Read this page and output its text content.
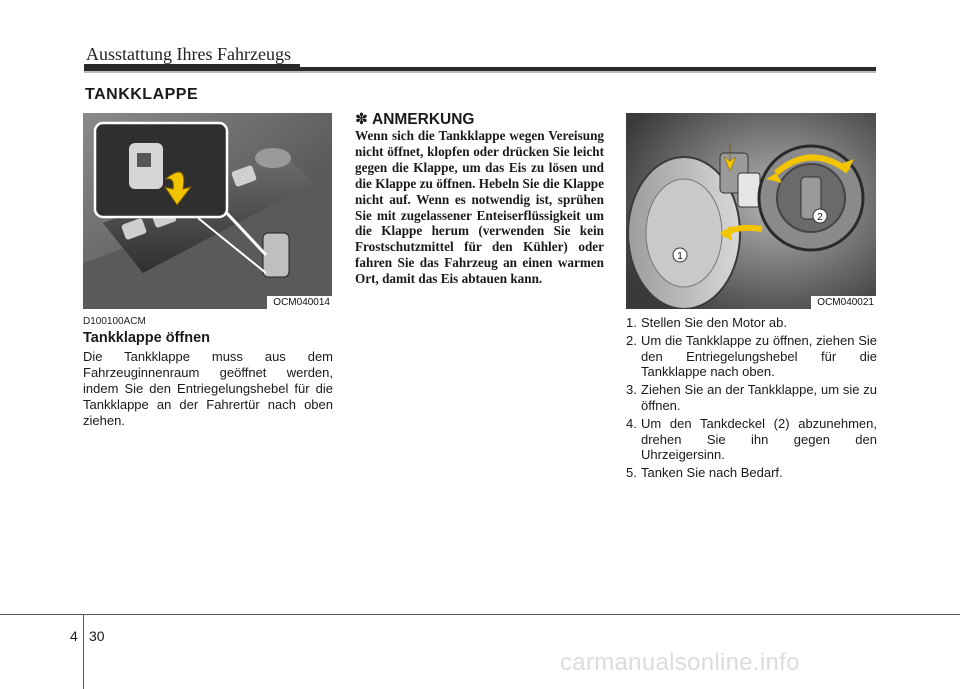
Ausstattung Ihres Fahrzeugs
TANKKLAPPE
OCM040014
D100100ACM
Tankklappe öffnen
Die Tankklappe muss aus dem Fahrzeuginnenraum geöffnet werden, indem Sie den Entriegelungshebel für die Tankklappe an der Fahrertür nach oben ziehen.
✽ ANMERKUNG
Wenn sich die Tankklappe wegen Vereisung nicht öffnet, klopfen oder drücken Sie leicht gegen die Klappe, um das Eis zu lösen und die Klappe zu öffnen. Hebeln Sie die Klappe nicht auf. Wenn es notwendig ist, sprühen Sie mit zugelassener Enteiserflüssigkeit um die Klappe herum (verwenden Sie kein Frostschutzmittel für den Kühler) oder fahren Sie das Fahrzeug an einen warmen Ort, damit das Eis abtauen kann.
1
2
OCM040021
1. Stellen Sie den Motor ab.
2. Um die Tankklappe zu öffnen, ziehen Sie den Entriegelungshebel für die Tankklappe nach oben.
3. Ziehen Sie an der Tankklappe, um sie zu öffnen.
4. Um den Tankdeckel (2) abzunehmen, drehen Sie ihn gegen den Uhrzeigersinn.
5. Tanken Sie nach Bedarf.
4 30
carmanualsonline.info
